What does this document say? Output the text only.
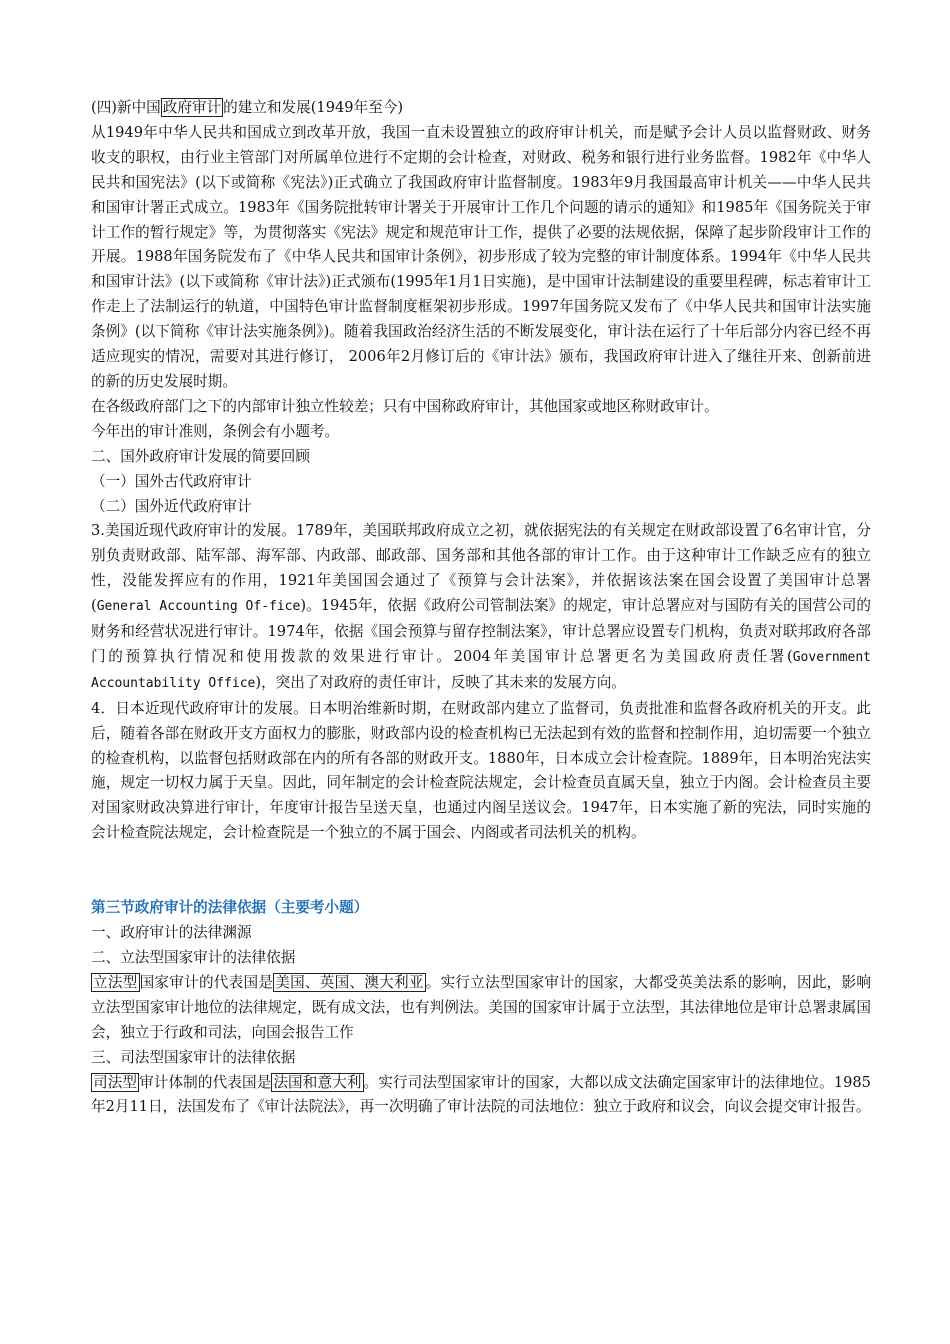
(四)新中国 政府审计 的建立和发展(1949年至今)

从1949年中华人民共和国成立到改革开放，我国一直未设置独立的政府审计机关，而是赋予会计人员以监督财政、财务收支的职权，由行业主管部门对所属单位进行不定期的会计检查，对财政、税务和银行进行业务监督。1982年《中华人民共和国宪法》(以下或简称《宪法》)正式确立了我国政府审计监督制度。1983年9月我国最高审计机关——中华人民共和国审计署正式成立。1983年《国务院批转审计署关于开展审计工作几个问题的请示的通知》和1985年《国务院关于审计工作的暂行规定》等，为贯彻落实《宪法》规定和规范审计工作，提供了必要的法规依据，保障了起步阶段审计工作的开展。1988年国务院发布了《中华人民共和国审计条例》，初步形成了较为完整的审计制度体系。1994年《中华人民共和国审计法》(以下或简称《审计法》)正式颁布(1995年1月1日实施)，是中国审计法制建设的重要里程碑，标志着审计工作走上了法制运行的轨道，中国特色审计监督制度框架初步形成。1997年国务院又发布了《中华人民共和国审计法实施条例》(以下简称《审计法实施条例》)。随着我国政治经济生活的不断发展变化，审计法在运行了十年后部分内容已经不再适应现实的情况，需要对其进行修订， 2006年2月修订后的《审计法》颁布，我国政府审计进入了继往开来、创新前进的新的历史发展时期。

在各级政府部门之下的内部审计独立性较差；只有中国称政府审计，其他国家或地区称财政审计。

今年出的审计准则，条例会有小题考。

二、国外政府审计发展的简要回顾

（一）国外古代政府审计

（二）国外近代政府审计

3.美国近现代政府审计的发展。1789年，美国联邦政府成立之初，就依据宪法的有关规定在财政部设置了6名审计官，分别负责财政部、陆军部、海军部、内政部、邮政部、国务部和其他各部的审计工作。由于这种审计工作缺乏应有的独立性，没能发挥应有的作用，1921年美国国会通过了《预算与会计法案》，并依据该法案在国会设置了美国审计总署(General Accounting Of-fice)。1945年，依据《政府公司管制法案》的规定，审计总署应对与国防有关的国营公司的财务和经营状况进行审计。1974年，依据《国会预算与留存控制法案》，审计总署应设置专门机构，负责对联邦政府各部门的预算执行情况和使用拨款的效果进行审计。2004年美国审计总署更名为美国政府责任署(Government Accountability Office)，突出了对政府的责任审计，反映了其未来的发展方向。

4．日本近现代政府审计的发展。日本明治维新时期，在财政部内建立了监督司，负责批准和监督各政府机关的开支。此后，随着各部在财政开支方面权力的膨胀，财政部内设的检查机构已无法起到有效的监督和控制作用，迫切需要一个独立的检查机构，以监督包括财政部在内的所有各部的财政开支。1880年，日本成立会计检查院。1889年，日本明治宪法实施，规定一切权力属于天皇。因此，同年制定的会计检查院法规定，会计检查员直属天皇，独立于内阁。会计检查员主要对国家财政决算进行审计，年度审计报告呈送天皇，也通过内阁呈送议会。1947年，日本实施了新的宪法，同时实施的会计检查院法规定，会计检查院是一个独立的不属于国会、内阁或者司法机关的机构。

第三节政府审计的法律依据（主要考小题）

一、政府审计的法律渊源

二、立法型国家审计的法律依据

立法型 国家审计的代表国是 美国、英国、澳大利亚 。实行立法型国家审计的国家，大都受英美法系的影响，因此，影响立法型国家审计地位的法律规定，既有成文法，也有判例法。美国的国家审计属于立法型，其法律地位是审计总署隶属国会，独立于行政和司法，向国会报告工作

三、司法型国家审计的法律依据

司法型 审计体制的代表国是 法国和意大利 。实行司法型国家审计的国家，大都以成文法确定国家审计的法律地位。1985年2月11日，法国发布了《审计法院法》，再一次明确了审计法院的司法地位：独立于政府和议会，向议会提交审计报告。
